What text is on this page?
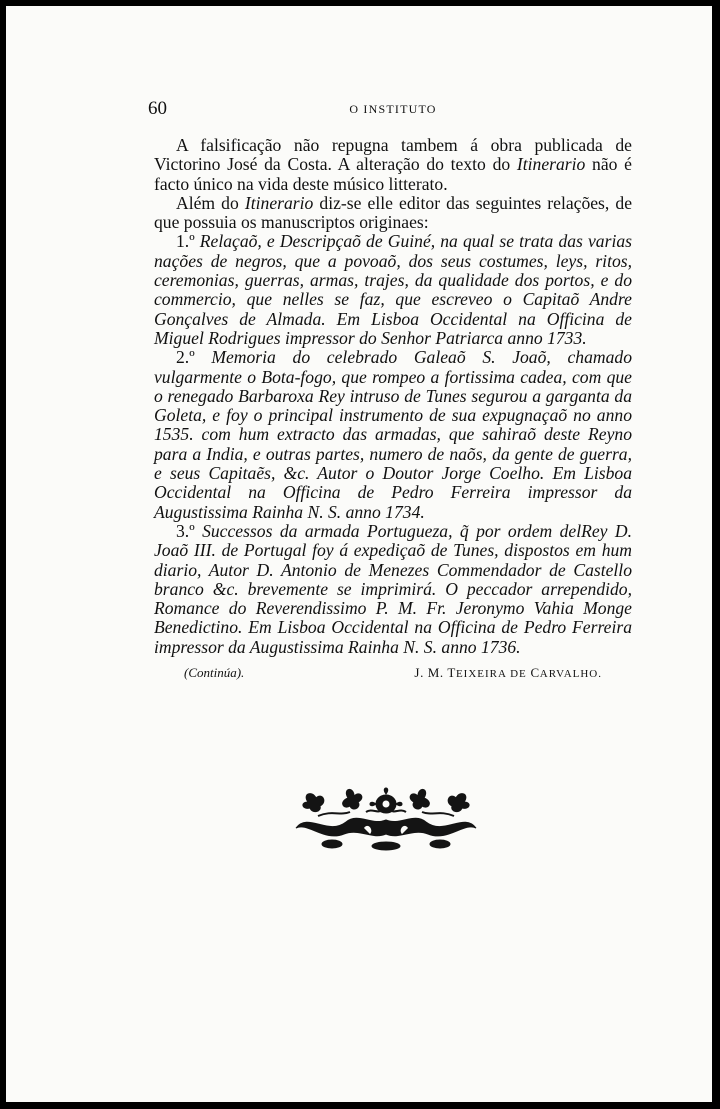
60	O INSTITUTO

A falsificação não repugna tambem á obra publicada de Victorino José da Costa. A alteração do texto do Itinerario não é facto único na vida deste músico litterato.

Além do Itinerario diz-se elle editor das seguintes relações, de que possuia os manuscriptos originaes:

1.º Relaçaõ, e Descripçaõ de Guiné, na qual se trata das varias nações de negros, que a povoaõ, dos seus costumes, leys, ritos, ceremonias, guerras, armas, trajes, da qualidade dos portos, e do commercio, que nelles se faz, que escreveo o Capitaõ Andre Gonçalves de Almada. Em Lisboa Occidental na Officina de Miguel Rodrigues impressor do Senhor Patriarca anno 1733.

2.º Memoria do celebrado Galeaõ S. Joaõ, chamado vulgarmente o Bota-fogo, que rompeo a fortissima cadea, com que o renegado Barbaroxa Rey intruso de Tunes segurou a garganta da Goleta, e foy o principal instrumento de sua expugnaçaõ no anno 1535. com hum extracto das armadas, que sahiraõ deste Reyno para a India, e outras partes, numero de naõs, da gente de guerra, e seus Capitaẽs, &c. Autor o Doutor Jorge Coelho. Em Lisboa Occidental na Officina de Pedro Ferreira impressor da Augustissima Rainha N. S. anno 1734.

3.º Successos da armada Portugueza, q̃ por ordem delRey D. Joaõ III. de Portugal foy á expediçaõ de Tunes, dispostos em hum diario, Autor D. Antonio de Menezes Commendador de Castello branco &c. brevemente se imprimirá. O peccador arrependido, Romance do Reverendissimo P. M. Fr. Jeronymo Vahia Monge Benedictino. Em Lisboa Occidental na Officina de Pedro Ferreira impressor da Augustissima Rainha N. S. anno 1736.

(Continúa).	J. M. TEIXEIRA DE CARVALHO.
